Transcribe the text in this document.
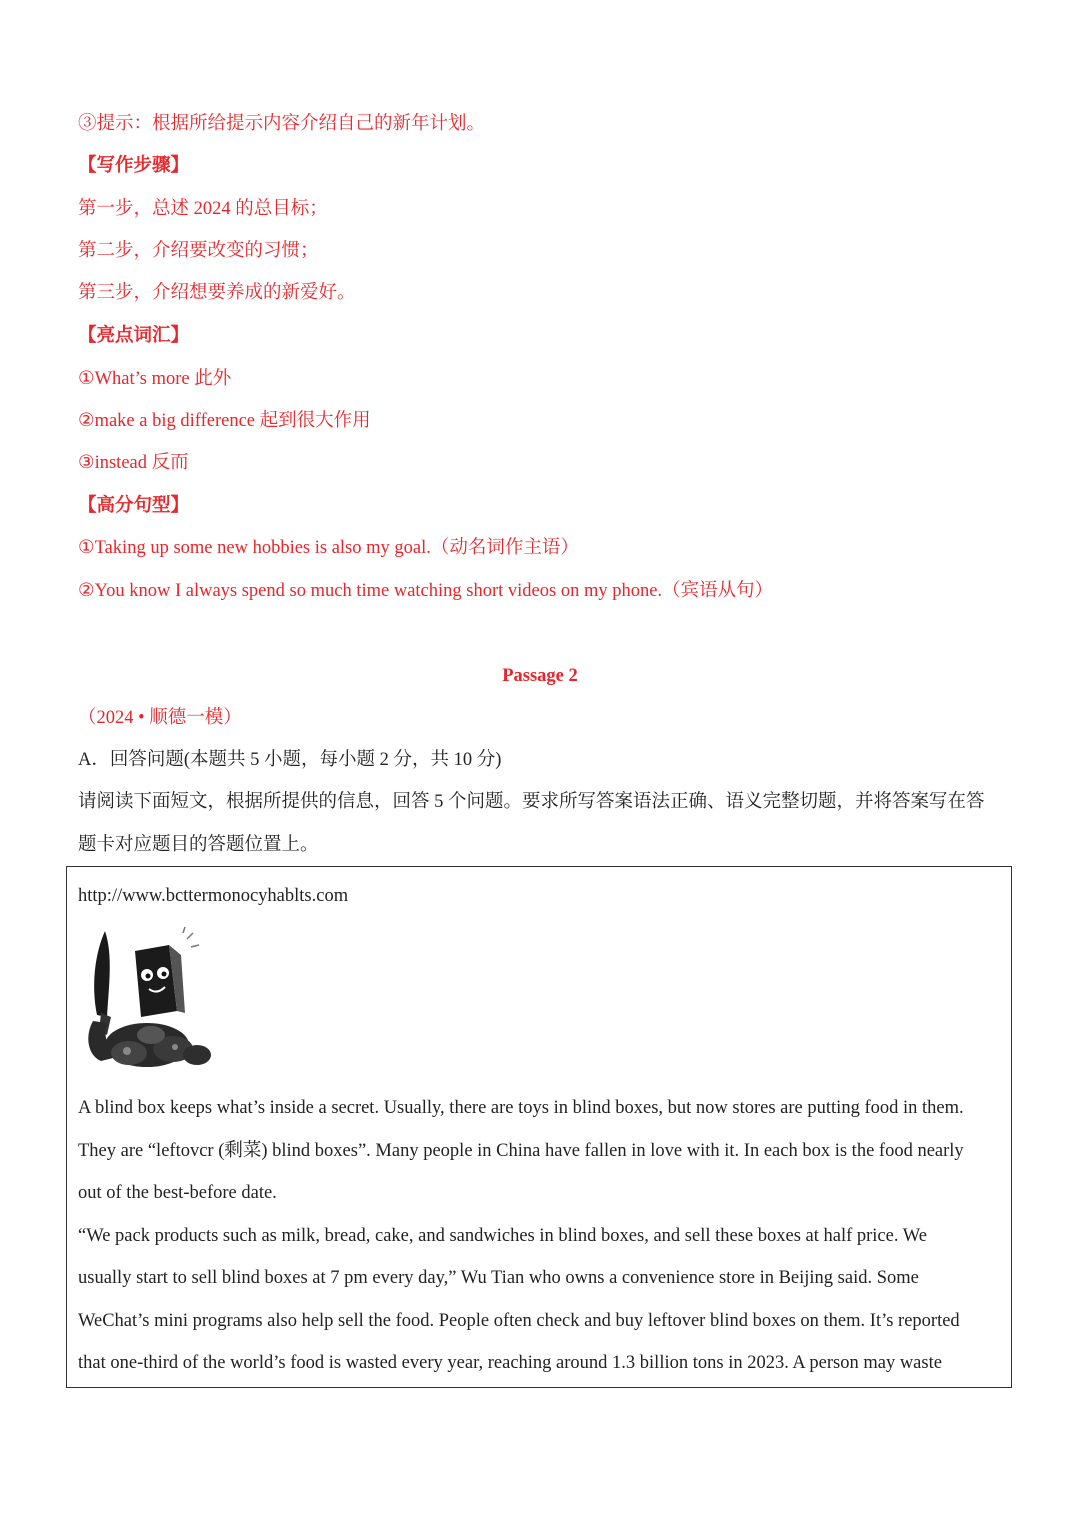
③提示：根据所给提示内容介绍自己的新年计划。
【写作步骤】
第一步，总述 2024 的总目标；
第二步，介绍要改变的习惯；
第三步，介绍想要养成的新爱好。
【亮点词汇】
①What’s more 此外
②make a big difference 起到很大作用
③instead 反而
【高分句型】
①Taking up some new hobbies is also my goal.（动名词作主语）
②You know I always spend so much time watching short videos on my phone.（宾语从句）
Passage 2
（2024 • 顺德一模）
A．回答问题(本题共 5 小题，每小题 2 分，共 10 分)
请阅读下面短文，根据所提供的信息，回答 5 个问题。要求所写答案语法正确、语义完整切题，并将答案写在答
题卡对应题目的答题位置上。
http://www.bcttermonocyhablts.com
A blind box keeps what’s inside a secret. Usually, there are toys in blind boxes, but now stores are putting food in them.
They are “leftovcr (剩菜) blind boxes”. Many people in China have fallen in love with it. In each box is the food nearly
out of the best-before date.
“We pack products such as milk, bread, cake, and sandwiches in blind boxes, and sell these boxes at half price. We
usually start to sell blind boxes at 7 pm every day,” Wu Tian who owns a convenience store in Beijing said. Some
WeChat’s mini programs also help sell the food. People often check and buy leftover blind boxes on them. It’s reported
that one-third of the world’s food is wasted every year, reaching around 1.3 billion tons in 2023. A person may waste
